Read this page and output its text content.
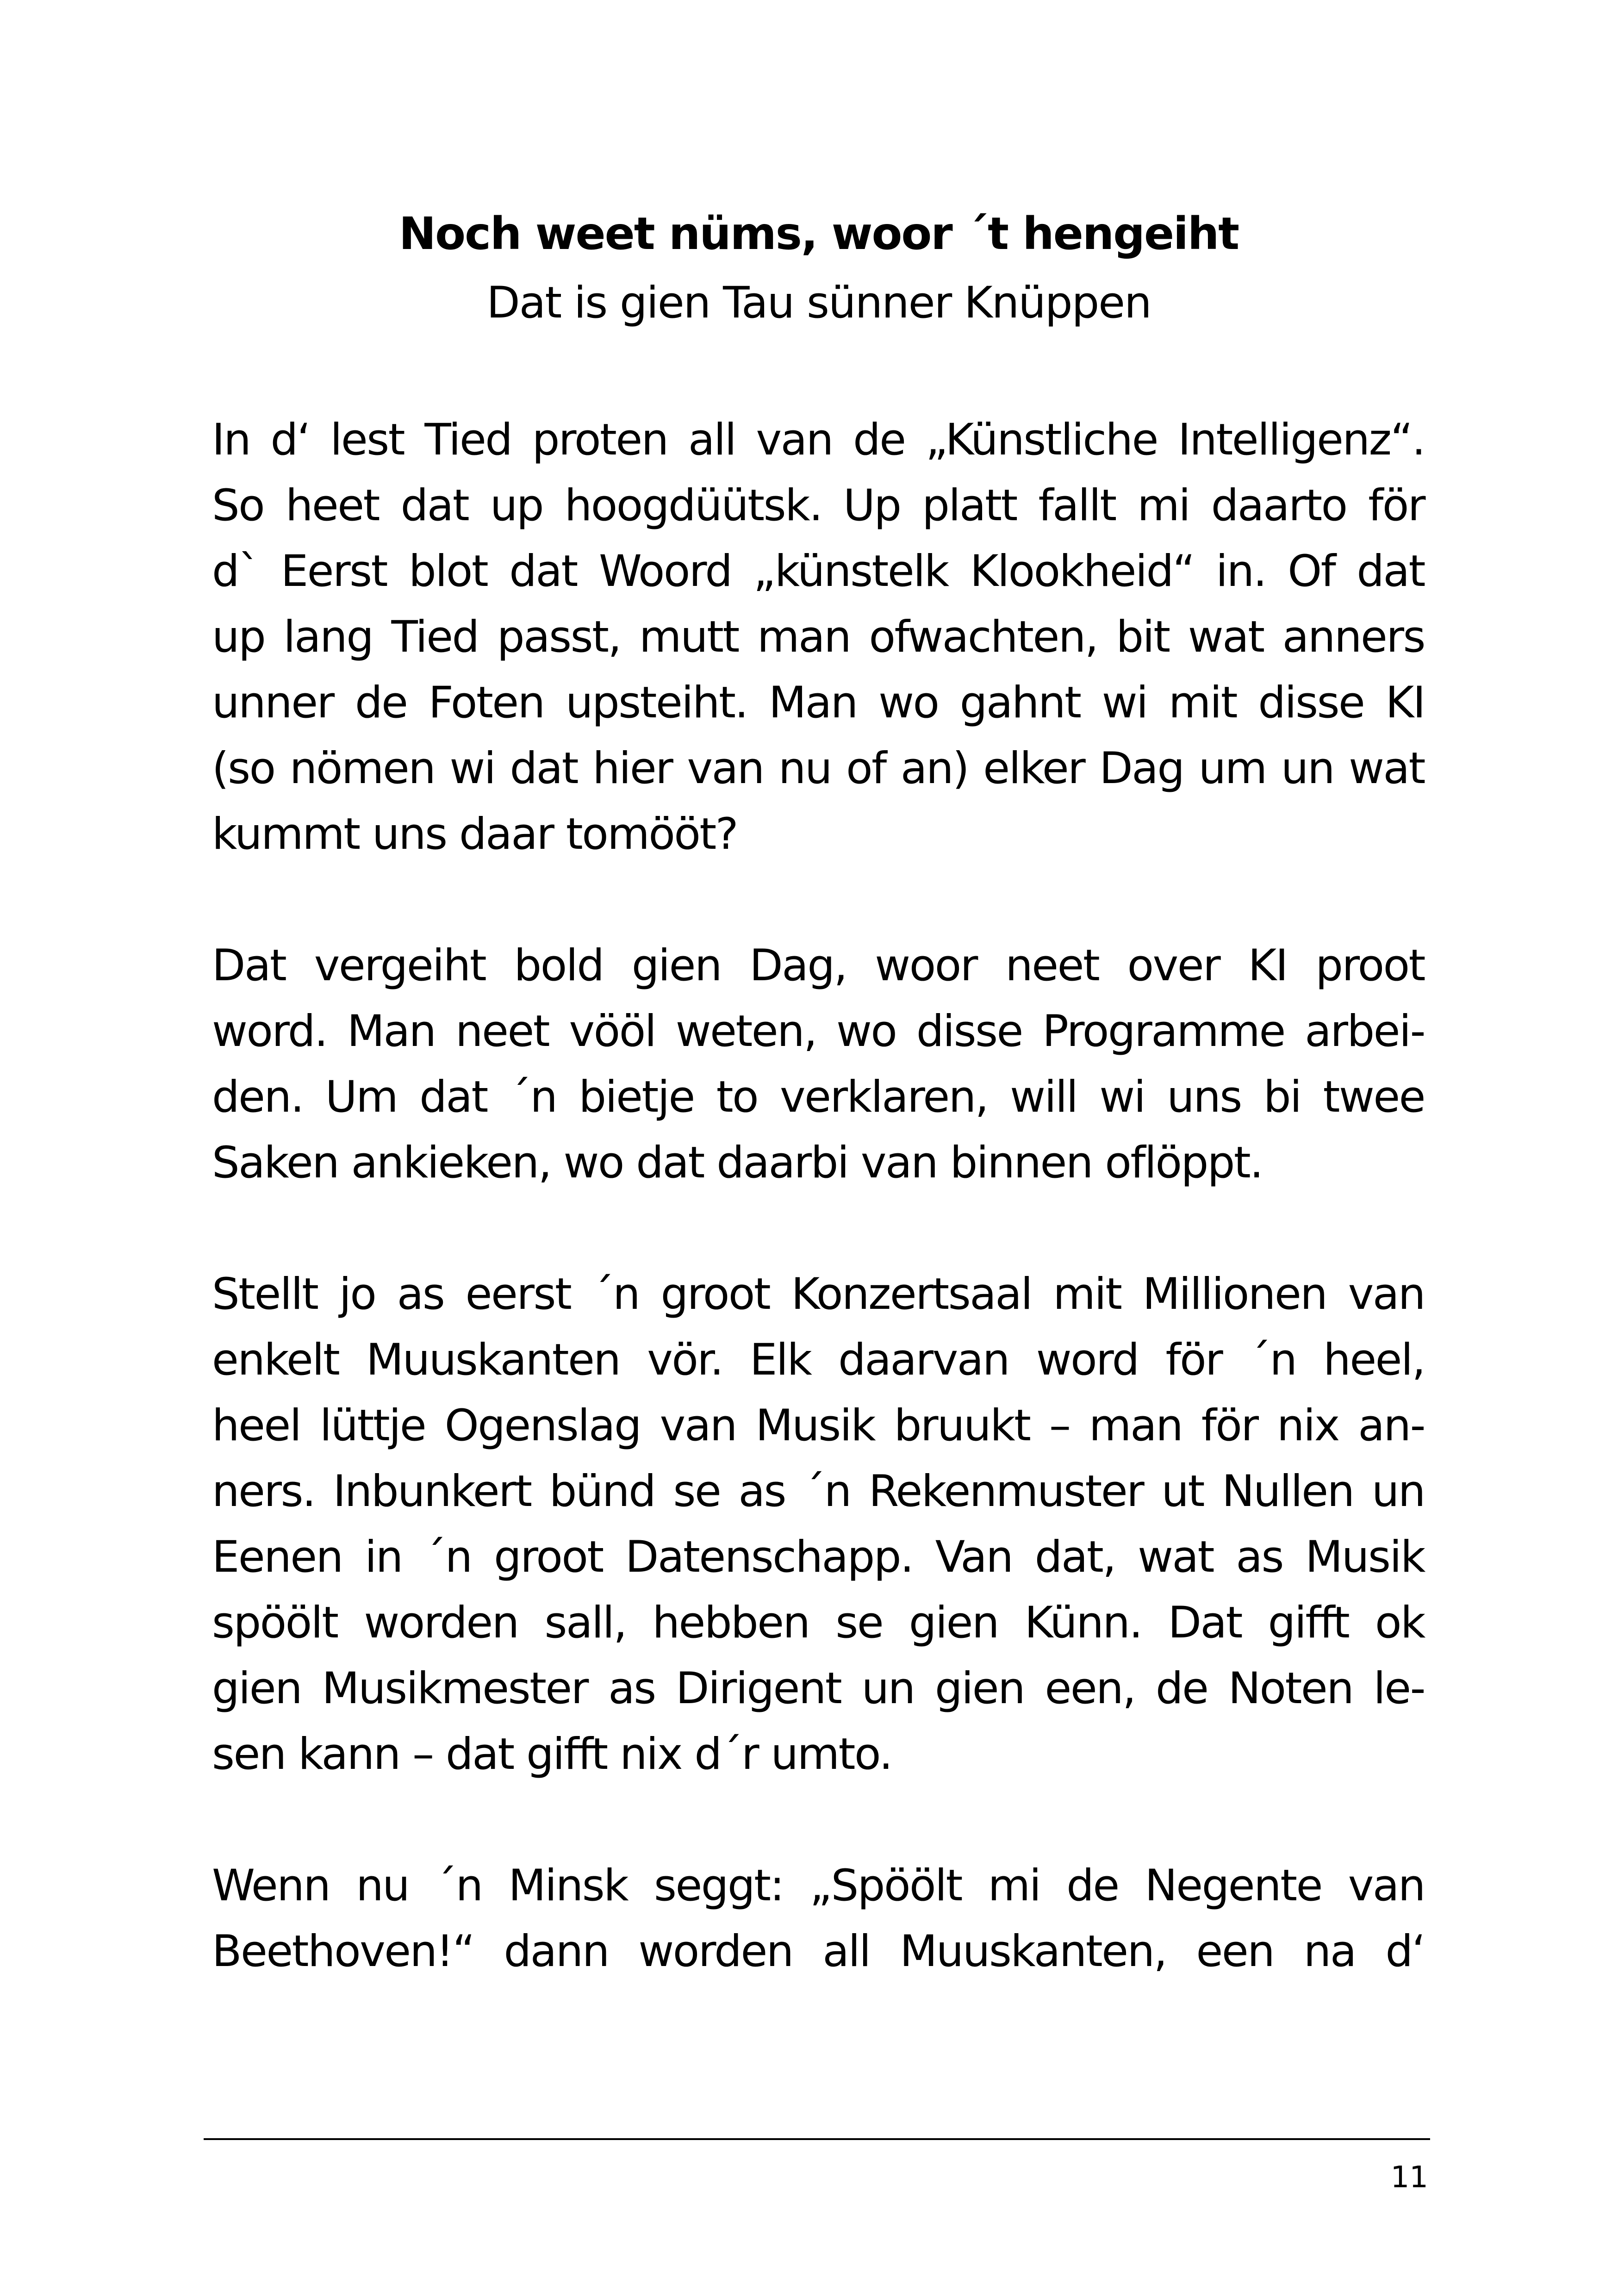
Noch weet nüms, woor ´t hengeiht

Dat is gien Tau sünner Knüppen

In d‘ lest Tied proten all van de „Künstliche Intelligenz“.
So heet dat up hoogdüütsk. Up platt fallt mi daarto för
d` Eerst blot dat Woord „künstelk Klookheid“ in. Of dat
up lang Tied passt, mutt man ofwachten, bit wat anners
unner de Foten upsteiht. Man wo gahnt wi mit disse KI
(so nömen wi dat hier van nu of an) elker Dag um un wat
kummt uns daar tomööt?
Dat vergeiht bold gien Dag, woor neet over KI proot
word. Man neet vööl weten, wo disse Programme arbei-
den. Um dat ´n bietje to verklaren, will wi uns bi twee
Saken ankieken, wo dat daarbi van binnen oflöppt.
Stellt jo as eerst ´n groot Konzertsaal mit Millionen van
enkelt Muuskanten vör. Elk daarvan word för ´n heel,
heel lüttje Ogenslag van Musik bruukt – man för nix an-
ners. Inbunkert bünd se as ´n Rekenmuster ut Nullen un
Eenen in ´n groot Datenschapp. Van dat, wat as Musik
spöölt worden sall, hebben se gien Künn. Dat gifft ok
gien Musikmester as Dirigent un gien een, de Noten le-
sen kann – dat gifft nix d´r umto.
Wenn nu ´n Minsk seggt: „Spöölt mi de Negente van
Beethoven!“ dann worden all Muuskanten, een na d‘
11
